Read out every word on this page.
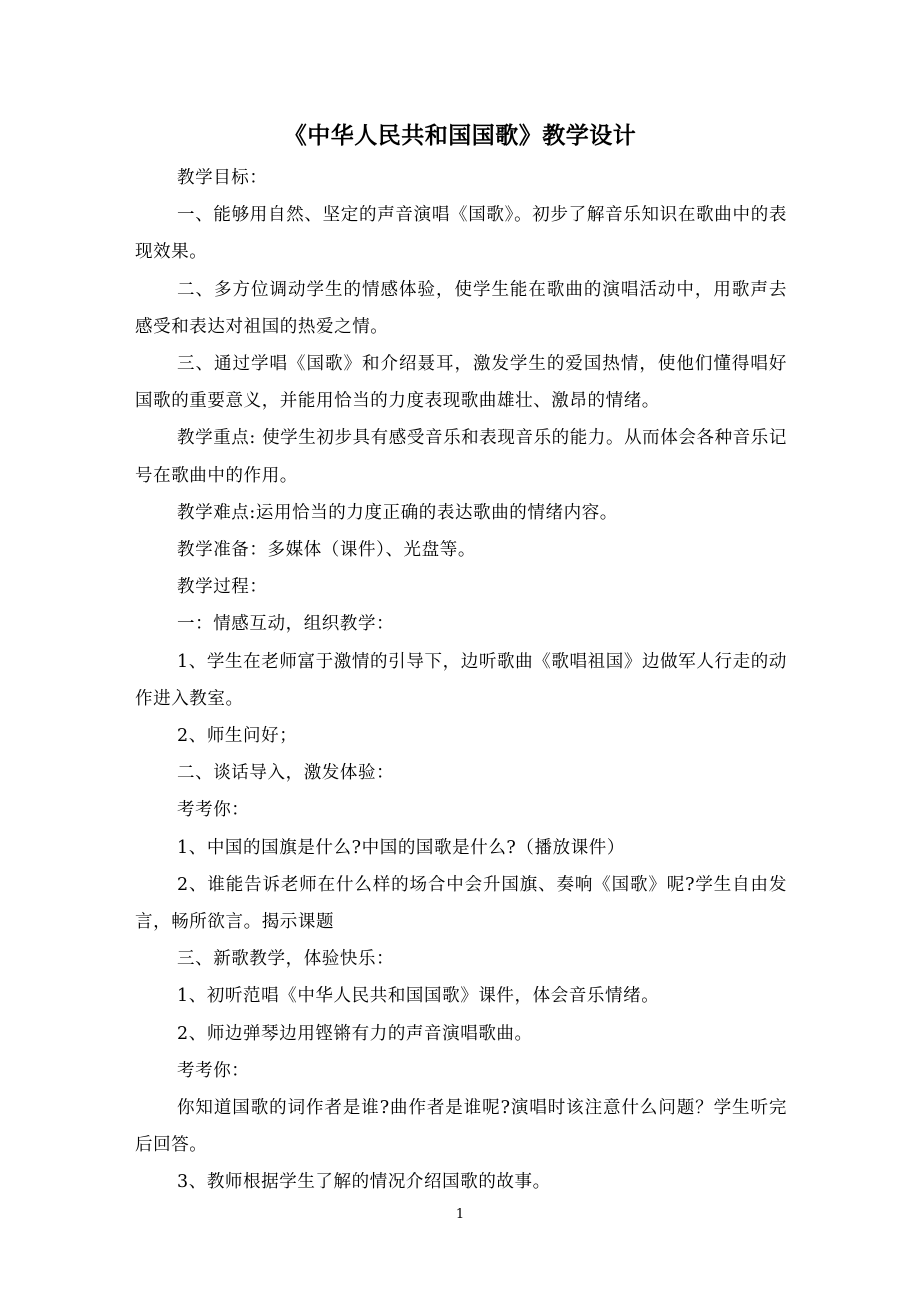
《中华人民共和国国歌》教学设计

教学目标：

一、能够用自然、坚定的声音演唱《国歌》。初步了解音乐知识在歌曲中的表现效果。

二、多方位调动学生的情感体验，使学生能在歌曲的演唱活动中，用歌声去感受和表达对祖国的热爱之情。

三、通过学唱《国歌》和介绍聂耳，激发学生的爱国热情，使他们懂得唱好国歌的重要意义，并能用恰当的力度表现歌曲雄壮、激昂的情绪。

教学重点: 使学生初步具有感受音乐和表现音乐的能力。从而体会各种音乐记号在歌曲中的作用。

教学难点:运用恰当的力度正确的表达歌曲的情绪内容。

教学准备：多媒体（课件）、光盘等。

教学过程：

一：情感互动，组织教学：

1、学生在老师富于激情的引导下，边听歌曲《歌唱祖国》边做军人行走的动作进入教室。

2、师生问好；

二、谈话导入，激发体验：

考考你：

1、中国的国旗是什么?中国的国歌是什么?（播放课件）

2、谁能告诉老师在什么样的场合中会升国旗、奏响《国歌》呢?学生自由发言，畅所欲言。揭示课题

三、新歌教学，体验快乐：

1、初听范唱《中华人民共和国国歌》课件，体会音乐情绪。

2、师边弹琴边用铿锵有力的声音演唱歌曲。

考考你：

你知道国歌的词作者是谁?曲作者是谁呢?演唱时该注意什么问题？学生听完后回答。

3、教师根据学生了解的情况介绍国歌的故事。

1
